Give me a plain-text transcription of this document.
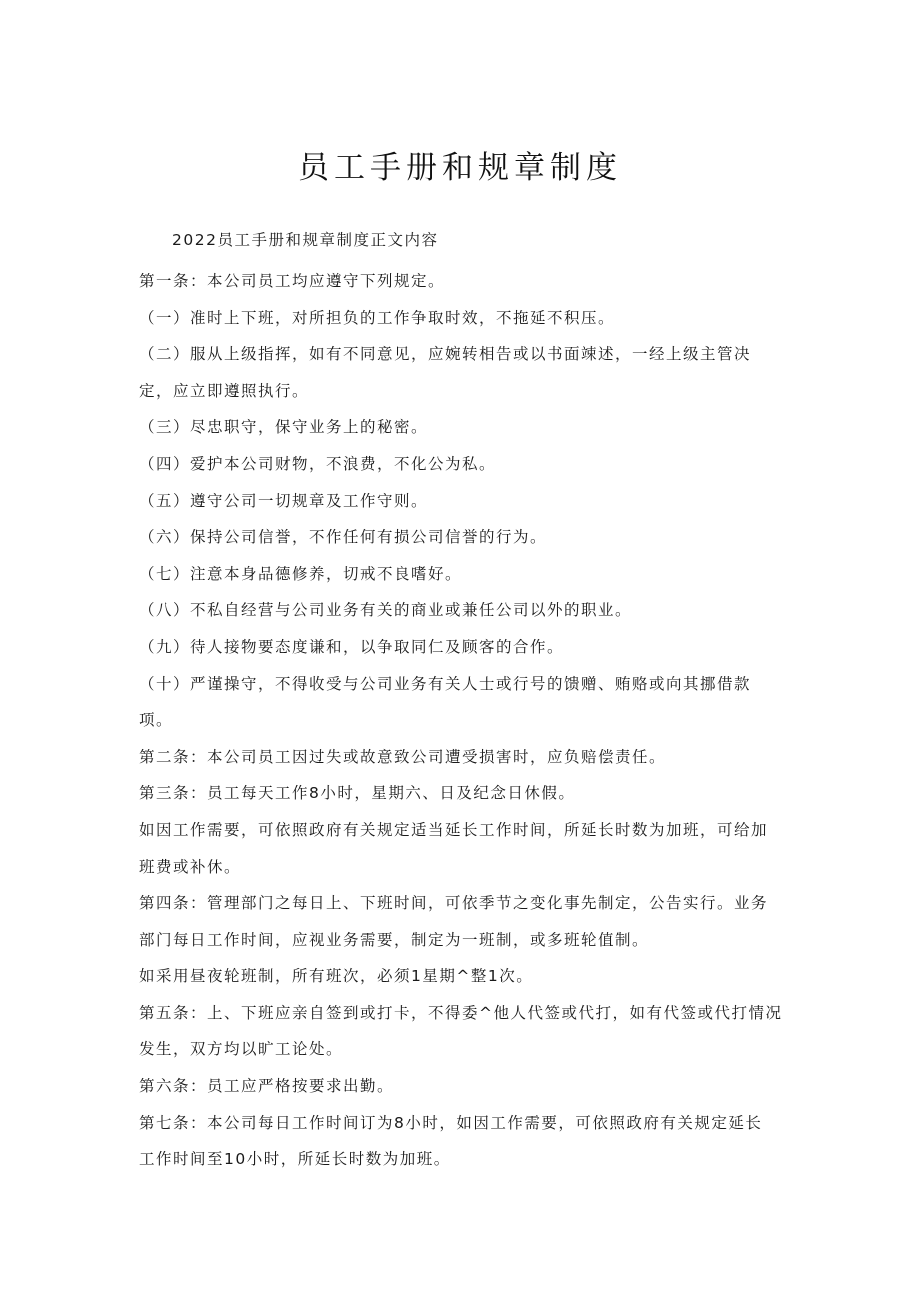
员工手册和规章制度
2022员工手册和规章制度正文内容

第一条：本公司员工均应遵守下列规定。

（一）准时上下班，对所担负的工作争取时效，不拖延不积压。

（二）服从上级指挥，如有不同意见，应婉转相告或以书面竦述，一经上级主管决

定，应立即遵照执行。

（三）尽忠职守，保守业务上的秘密。

（四）爱护本公司财物，不浪费，不化公为私。

（五）遵守公司一切规章及工作守则。

（六）保持公司信誉，不作任何有损公司信誉的行为。

（七）注意本身品德修养，切戒不良嗜好。

（八）不私自经营与公司业务有关的商业或兼任公司以外的职业。

（九）待人接物要态度谦和，以争取同仁及顾客的合作。

（十）严谨操守，不得收受与公司业务有关人士或行号的馈赠、贿赂或向其挪借款

项。

第二条：本公司员工因过失或故意致公司遭受损害时，应负赔偿责任。

第三条：员工每天工作8小时，星期六、日及纪念日休假。

如因工作需要，可依照政府有关规定适当延长工作时间，所延长时数为加班，可给加

班费或补休。

第四条：管理部门之每日上、下班时间，可依季节之变化事先制定，公告实行。业务

部门每日工作时间，应视业务需要，制定为一班制，或多班轮值制。

如采用昼夜轮班制，所有班次，必须1星期^整1次。

第五条：上、下班应亲自签到或打卡，不得委^他人代签或代打，如有代签或代打情况

发生，双方均以旷工论处。

第六条：员工应严格按要求出勤。

第七条：本公司每日工作时间订为8小时，如因工作需要，可依照政府有关规定延长

工作时间至10小时，所延长时数为加班。
